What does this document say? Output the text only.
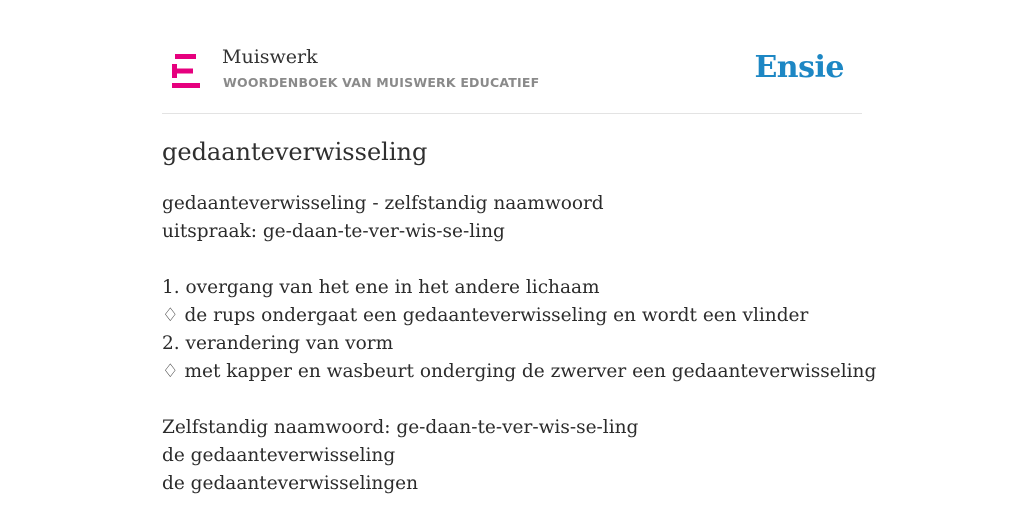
Muiswerk
WOORDENBOEK VAN MUISWERK EDUCATIEF	Ensie
gedaanteverwisseling
gedaanteverwisseling - zelfstandig naamwoord
uitspraak: ge-daan-te-ver-wis-se-ling
1. overgang van het ene in het andere lichaam
♢ de rups ondergaat een gedaanteverwisseling en wordt een vlinder
2. verandering van vorm
♢ met kapper en wasbeurt onderging de zwerver een gedaanteverwisseling
Zelfstandig naamwoord: ge-daan-te-ver-wis-se-ling
de gedaanteverwisseling
de gedaanteverwisselingen
